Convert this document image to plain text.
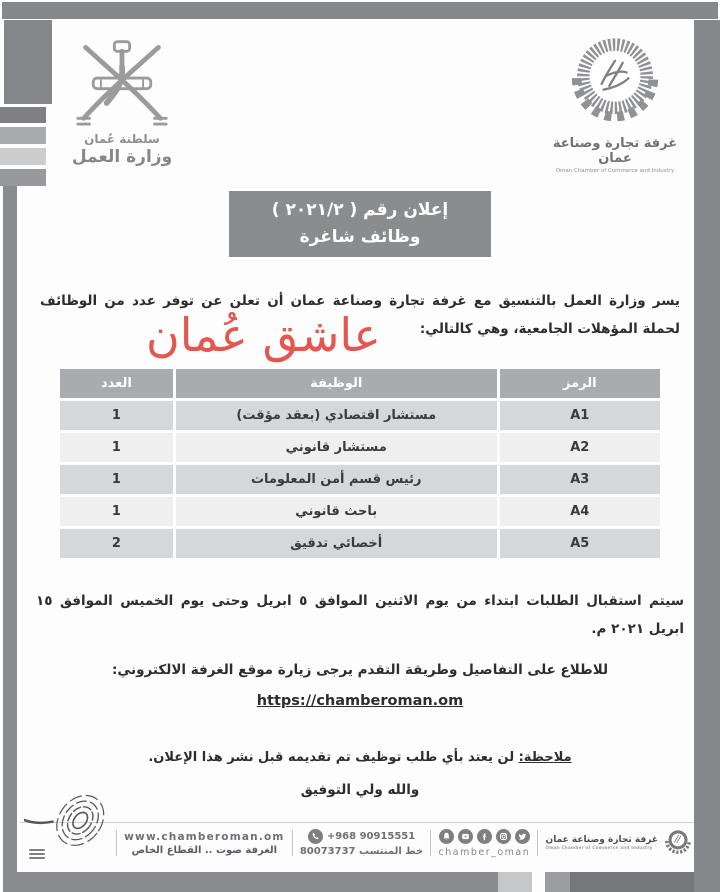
سلطنة عُمان
وزارة العمل
غرفة تجارة وصناعة عمان
Oman Chamber of Commerce and Industry
إعلان رقم ( ٢٠٢١/٢ )
وظائف شاغرة
يسر وزارة العمل بالتنسيق مع غرفة تجارة وصناعة عمان أن تعلن عن توفر عدد من الوظائف لحملة المؤهلات الجامعية، وهي كالتالي:
عاشق عُمان
الرمز	الوظيفة	العدد
A1	مستشار اقتصادي (بعقد مؤقت)	1
A2	مستشار قانوني	1
A3	رئيس قسم أمن المعلومات	1
A4	باحث قانوني	1
A5	أخصائي تدقيق	2
سيتم استقبال الطلبات ابتداء من يوم الاثنين الموافق ٥ ابريل وحتى يوم الخميس الموافق ١٥ ابريل ٢٠٢١ م.
للاطلاع على التفاصيل وطريقة التقدم يرجى زيارة موقع الغرفة الالكتروني:
https://chamberoman.om
ملاحظة: لن يعتد بأي طلب توظيف تم تقديمه قبل نشر هذا الإعلان.
والله ولي التوفيق
www.chamberoman.om
الغرفة صوت .. القطاع الخاص
+968 90915551
خط المنتسب 80073737	chamber_oman
غرفة تجارة وصناعة عمان
Oman Chamber of Commerce and Industry
